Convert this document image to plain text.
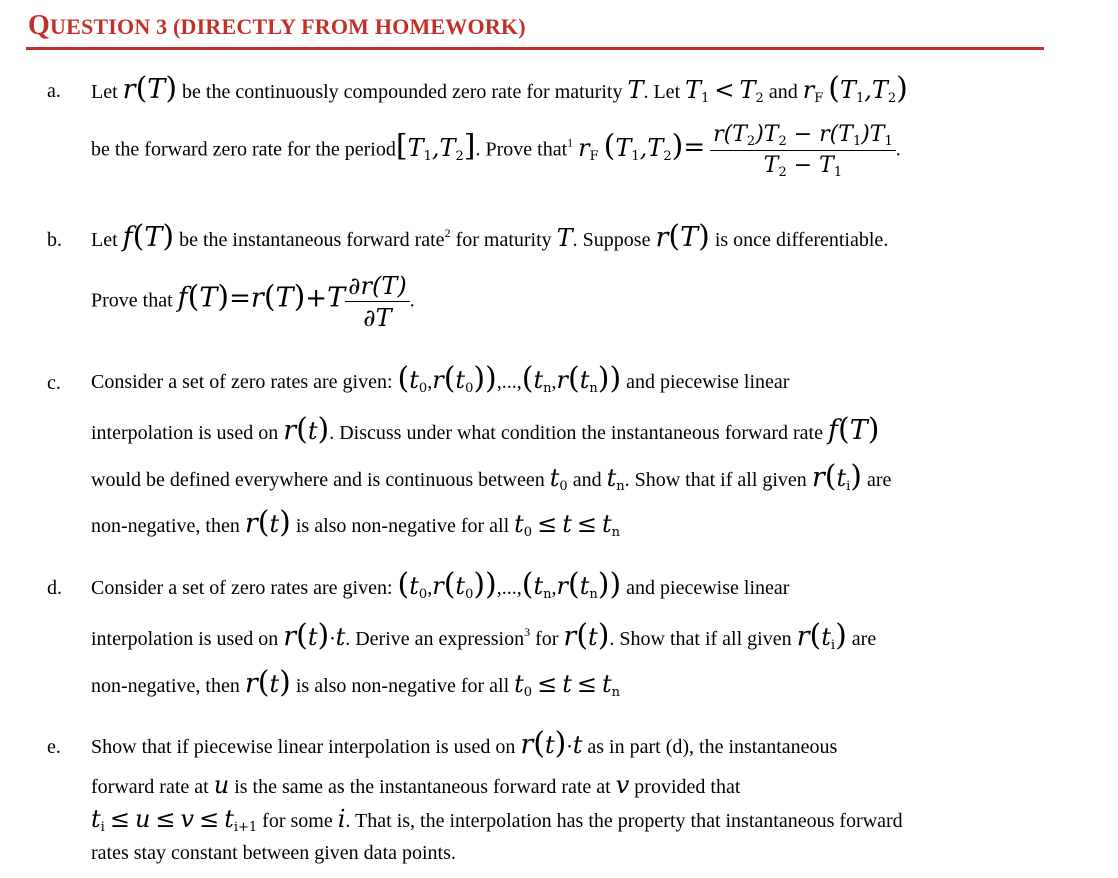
QUESTION 3 (DIRECTLY FROM HOMEWORK)
a. Let r(T) be the continuously compounded zero rate for maturity T. Let $T_1 < T_2$ and $r_F$ $(T_1,T_2)$
be the forward zero rate for the $period[T_1,T_2]$. Prove that$^1$ $r_F$ $(T_1,T_2)= \frac{r(T_2)T_2 - r(T_1)T_1}{T_2 - T_1}$ .
b. Let f(T) be the instantaneous forward rate$^2$ for maturity T. Suppose r(T) is once differentiable.
Prove that $f(T)=r(T)+T \frac{\partial r(T)}{\partial T}$ .
c. Consider a set of zero rates are given: $(t_0,r(t_0)),...,(t_n,r(t_n))$ and piecewise linear
interpolation is used on r(t). Discuss under what condition the instantaneous forward rate f(T)
would be defined everywhere and is continuous between $t_0$ and $t_n$. Show that if all given $r(t_i)$ are
non-negative, then r(t) is also non-negative for all $t_0 \le t \le t_n$
d. Consider a set of zero rates are given: $(t_0,r(t_0)),...,(t_n,r(t_n))$ and piecewise linear
interpolation is used on r(t)·t. Derive an expression$^3$ for r(t). Show that if all given $r(t_i)$ are
non-negative, then r(t) is also non-negative for all $t_0 \le t \le t_n$
e. Show that if piecewise linear interpolation is used on r(t)·t as in part (d), the instantaneous
forward rate at u is the same as the instantaneous forward rate at v provided that
$t_i \le u \le v \le t_{i+1}$ for some i. That is, the interpolation has the property that instantaneous forward
rates stay constant between given data points.
